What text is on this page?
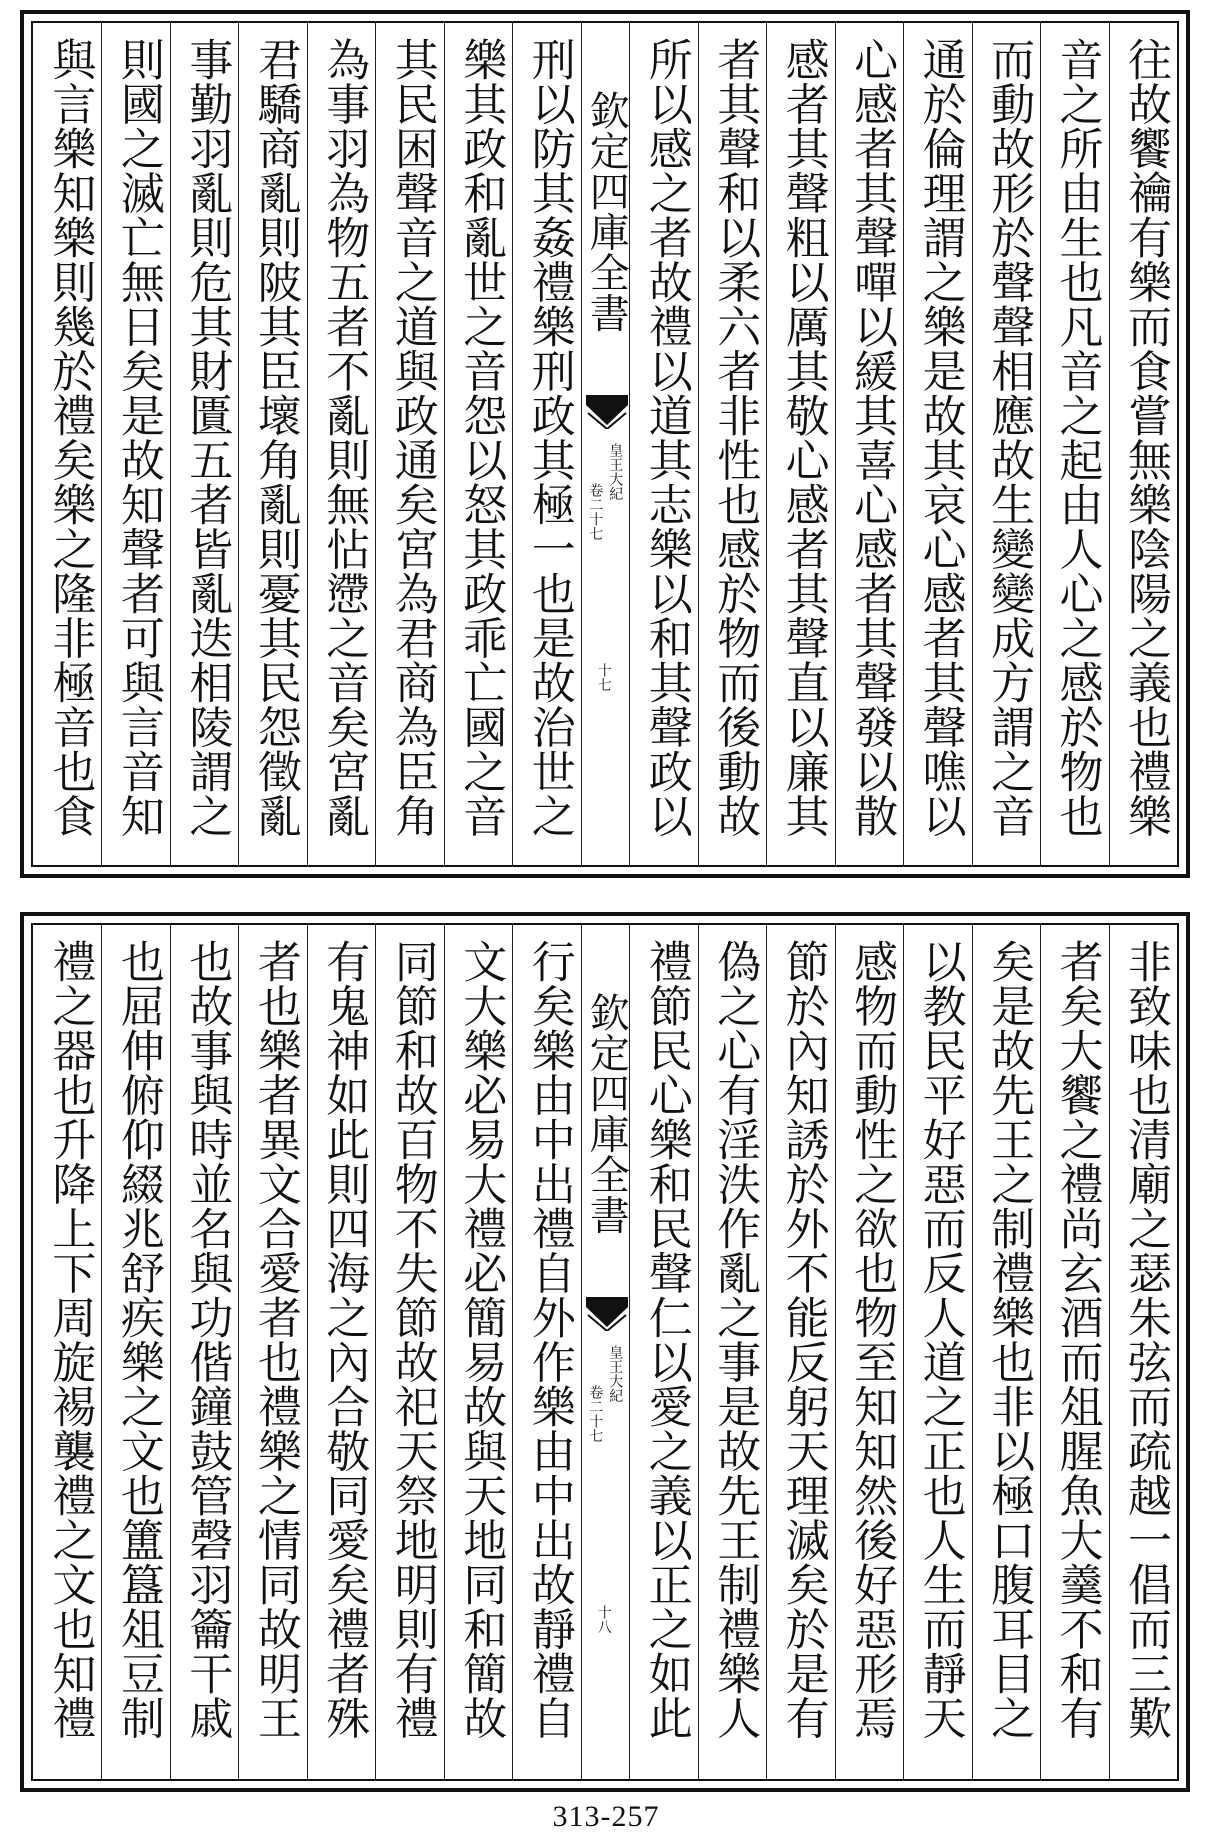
往故饗禴有樂而食嘗無樂陰陽之義也禮樂
音之所由生也凡音之起由人心之感於物也
而動故形於聲聲相應故生變變成方謂之音
通於倫理謂之樂是故其哀心感者其聲噍以
心感者其聲嘽以緩其喜心感者其聲發以散
感者其聲粗以厲其敬心感者其聲直以廉其
者其聲和以柔六者非性也感於物而後動故
所以感之者故禮以道其志樂以和其聲政以
欽定四庫全書
皇王大紀
卷二十七
十七
刑以防其姦禮樂刑政其極一也是故治世之
樂其政和亂世之音怨以怒其政乖亡國之音
其民困聲音之道與政通矣宮為君商為臣角
為事羽為物五者不亂則無怗懘之音矣宮亂
君驕商亂則陂其臣壞角亂則憂其民怨徵亂
事勤羽亂則危其財匱五者皆亂迭相陵謂之
則國之滅亡無日矣是故知聲者可與言音知
與言樂知樂則幾於禮矣樂之隆非極音也食
非致味也清廟之瑟朱弦而疏越一倡而三歎
者矣大饗之禮尚玄酒而俎腥魚大羹不和有
矣是故先王之制禮樂也非以極口腹耳目之
以教民平好惡而反人道之正也人生而靜天
感物而動性之欲也物至知知然後好惡形焉
節於內知誘於外不能反躬天理滅矣於是有
偽之心有淫泆作亂之事是故先王制禮樂人
禮節民心樂和民聲仁以愛之義以正之如此
欽定四庫全書
皇王大紀
卷二十七
十八
行矣樂由中出禮自外作樂由中出故靜禮自
文大樂必易大禮必簡易故與天地同和簡故
同節和故百物不失節故祀天祭地明則有禮
有鬼神如此則四海之內合敬同愛矣禮者殊
者也樂者異文合愛者也禮樂之情同故明王
也故事與時並名與功偕鐘鼓管磬羽籥干戚
也屈伸俯仰綴兆舒疾樂之文也簠簋俎豆制
禮之器也升降上下周旋裼襲禮之文也知禮
313-257
